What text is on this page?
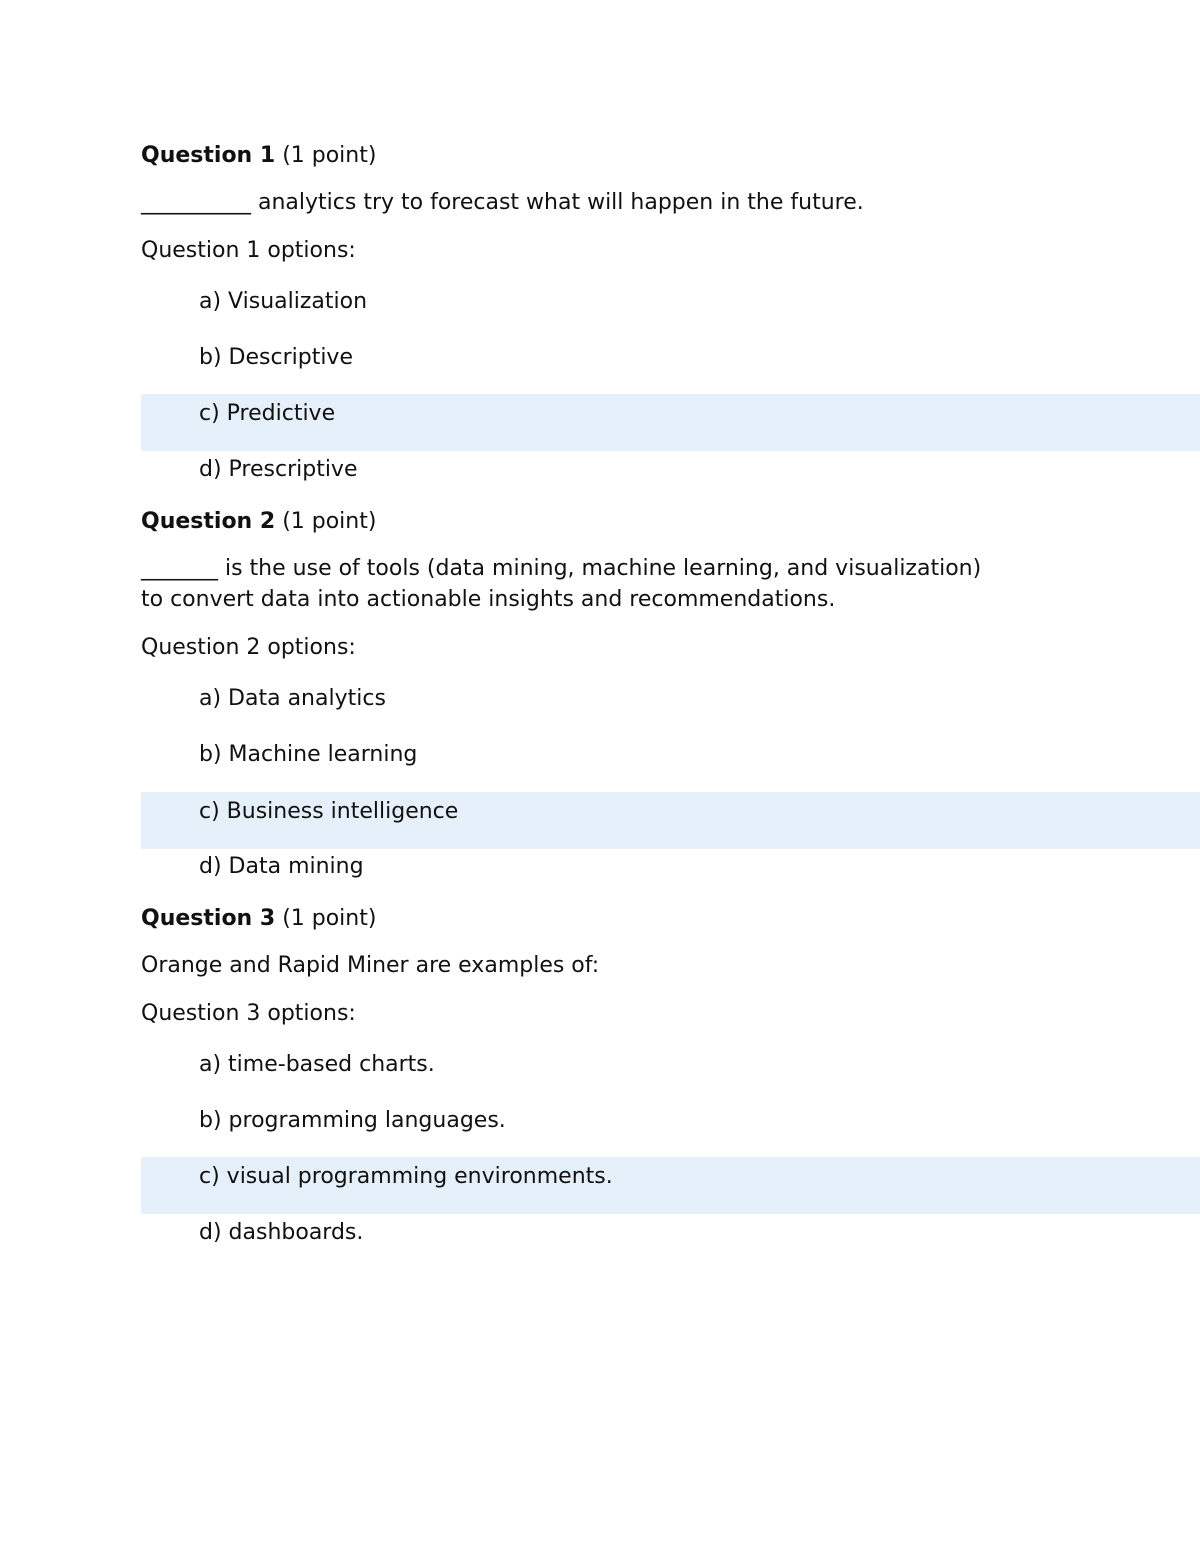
Question 1 (1 point)
__________ analytics try to forecast what will happen in the future.
Question 1 options:
a) Visualization
b) Descriptive
c) Predictive
d) Prescriptive
Question 2 (1 point)
_______ is the use of tools (data mining, machine learning, and visualization)
to convert data into actionable insights and recommendations.
Question 2 options:
a) Data analytics
b) Machine learning
c) Business intelligence
d) Data mining
Question 3 (1 point)
Orange and Rapid Miner are examples of:
Question 3 options:
a) time-based charts.
b) programming languages.
c) visual programming environments.
d) dashboards.
